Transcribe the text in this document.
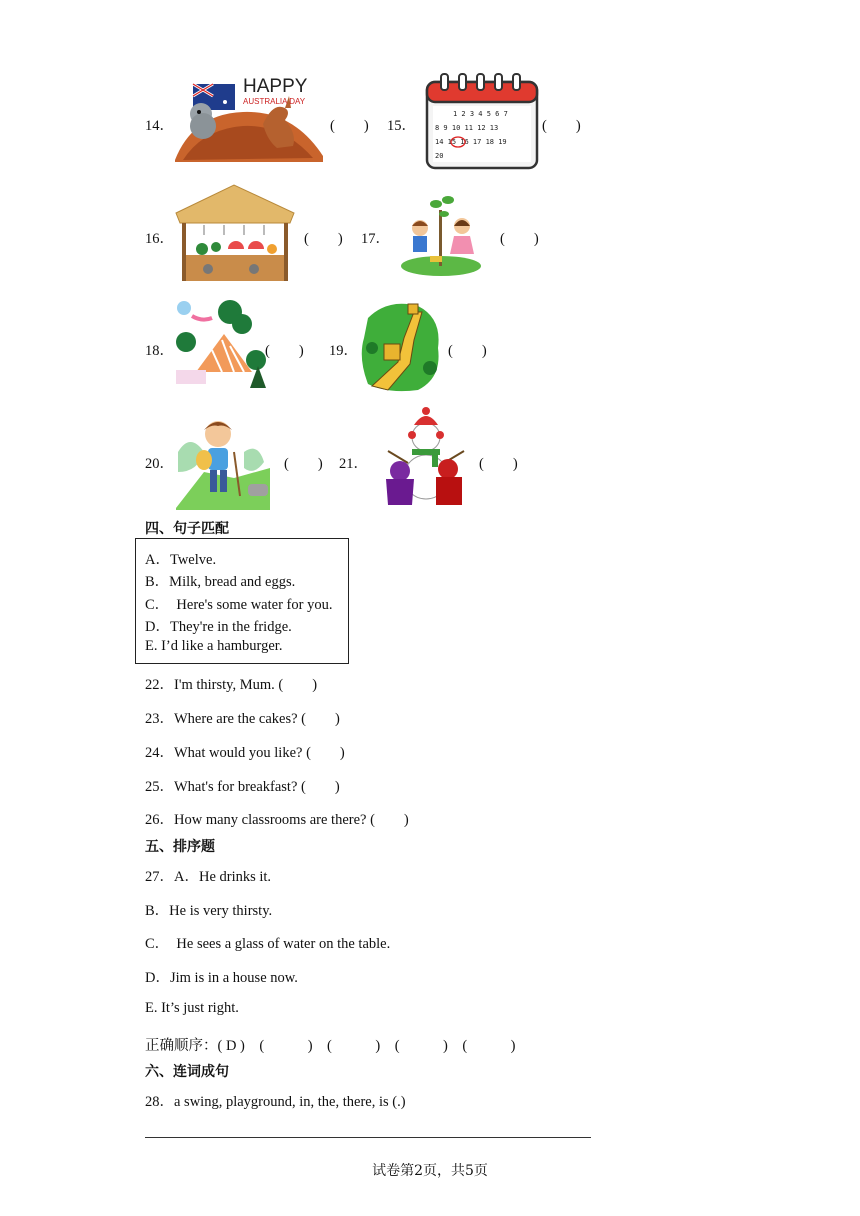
14．
HAPPY
AUSTRALIA DAY
(　　) 15．
1 2 3 4 5 6 7
8 9 10 11 12 13
14 15 16 17 18 19
20
(　　)
16．	(　　) 17．	(　　)
18．	(　　) 19．	(　　)
20．	(　　) 21．	(　　)
四、句子匹配
A．Twelve.
B．Milk, bread and eggs.
C．  Here's some water for you.
D．They're in the fridge.
E. I’d like a hamburger.
22．I'm thirsty, Mum. (　　)
23．Where are the cakes? (　　)
24．What would you like? (　　)
25．What's for breakfast? (　　)
26．How many classrooms are there? (　　)
五、排序题
27．A．He drinks it.
B．He is very thirsty.
C．  He sees a glass of water on the table.
D．Jim is in a house now.
E. It’s just right.
正确顺序：( D )　(　　　)　(　　　)　(　　　)　(　　　)
六、连词成句
28．a swing, playground, in, the, there, is (.)
试卷第2页，共5页
